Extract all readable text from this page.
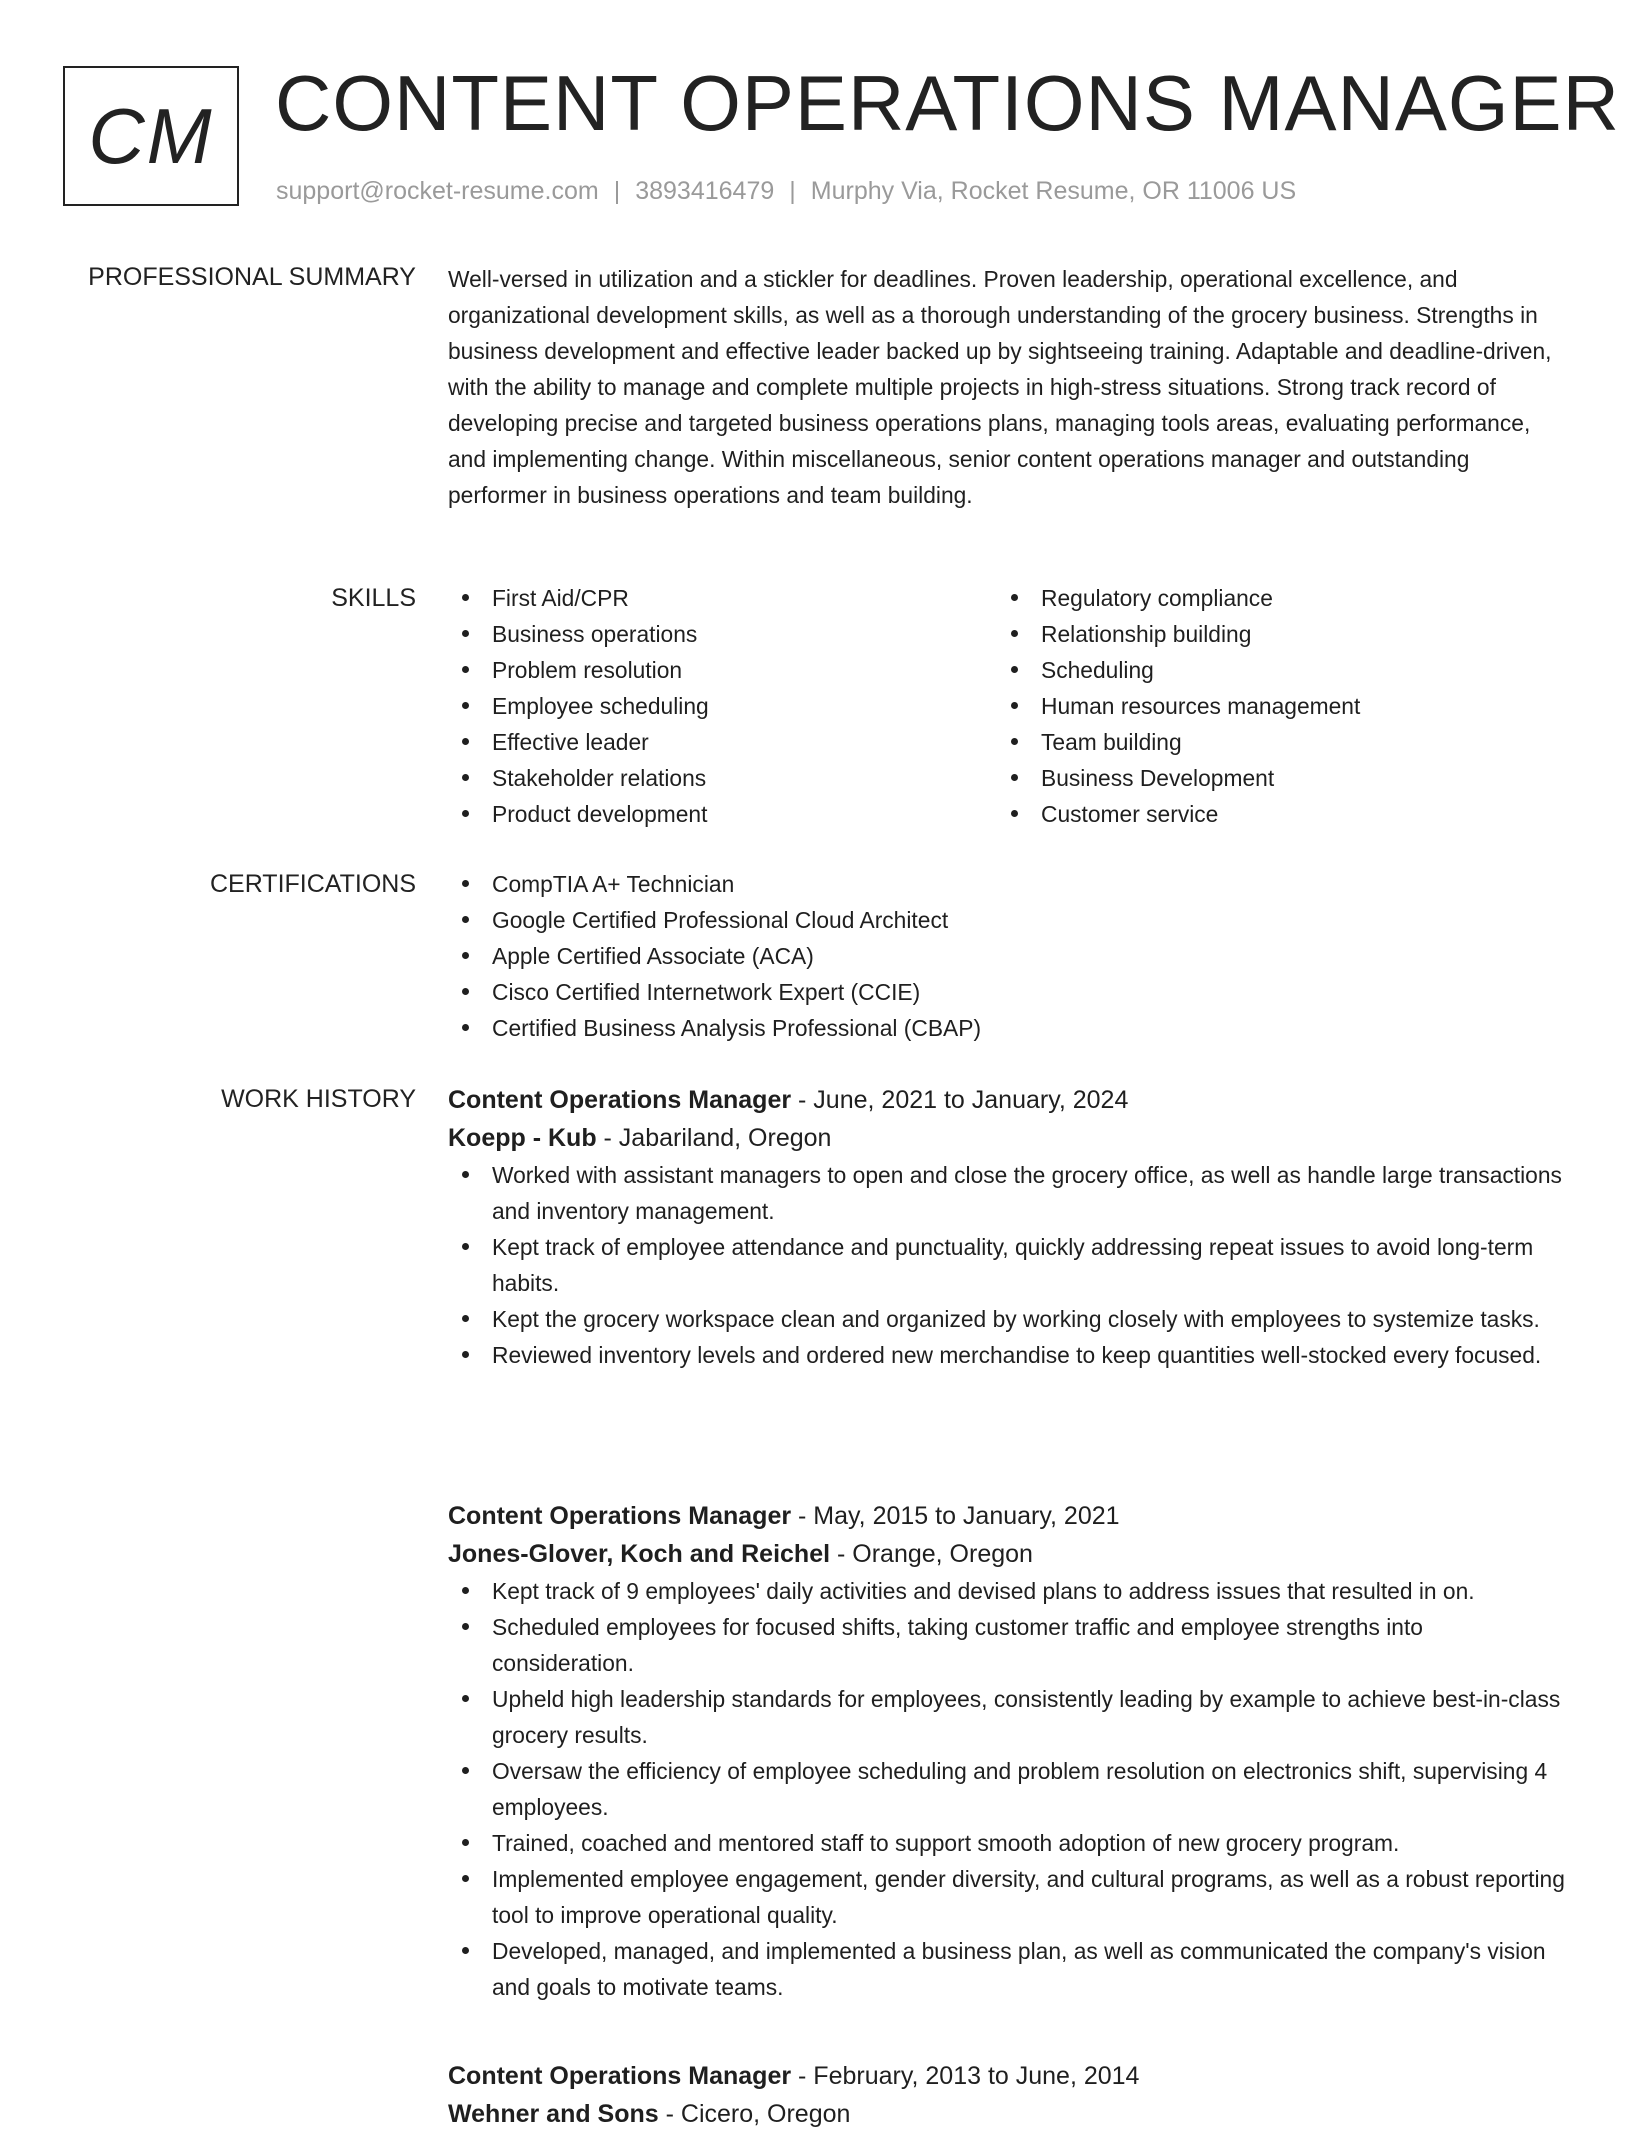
CM CONTENT OPERATIONS MANAGER
support@rocket-resume.com | 3893416479 | Murphy Via, Rocket Resume, OR 11006 US
PROFESSIONAL SUMMARY Well-versed in utilization and a stickler for deadlines. Proven leadership, operational excellence, and organizational development skills, as well as a thorough understanding of the grocery business. Strengths in business development and effective leader backed up by sightseeing training. Adaptable and deadline-driven, with the ability to manage and complete multiple projects in high-stress situations. Strong track record of developing precise and targeted business operations plans, managing tools areas, evaluating performance, and implementing change. Within miscellaneous, senior content operations manager and outstanding performer in business operations and team building.
SKILLS	First Aid/CPR
Business operations
Problem resolution
Employee scheduling
Effective leader
Stakeholder relations
Product development
Regulatory compliance
Relationship building
Scheduling
Human resources management
Team building
Business Development
Customer service
CERTIFICATIONS	CompTIA A+ Technician
Google Certified Professional Cloud Architect
Apple Certified Associate (ACA)
Cisco Certified Internetwork Expert (CCIE)
Certified Business Analysis Professional (CBAP)
WORK HISTORY Content Operations Manager - June, 2021 to January, 2024
Koepp - Kub - Jabariland, Oregon
Worked with assistant managers to open and close the grocery office, as well as handle large transactions and inventory management.
Kept track of employee attendance and punctuality, quickly addressing repeat issues to avoid long-term habits.
Kept the grocery workspace clean and organized by working closely with employees to systemize tasks.
Reviewed inventory levels and ordered new merchandise to keep quantities well-stocked every focused.
Content Operations Manager - May, 2015 to January, 2021
Jones-Glover, Koch and Reichel - Orange, Oregon
Kept track of 9 employees' daily activities and devised plans to address issues that resulted in on.
Scheduled employees for focused shifts, taking customer traffic and employee strengths into consideration.
Upheld high leadership standards for employees, consistently leading by example to achieve best-in-class grocery results.
Oversaw the efficiency of employee scheduling and problem resolution on electronics shift, supervising 4 employees.
Trained, coached and mentored staff to support smooth adoption of new grocery program.
Implemented employee engagement, gender diversity, and cultural programs, as well as a robust reporting tool to improve operational quality.
Developed, managed, and implemented a business plan, as well as communicated the company's vision and goals to motivate teams.
Content Operations Manager - February, 2013 to June, 2014
Wehner and Sons - Cicero, Oregon
